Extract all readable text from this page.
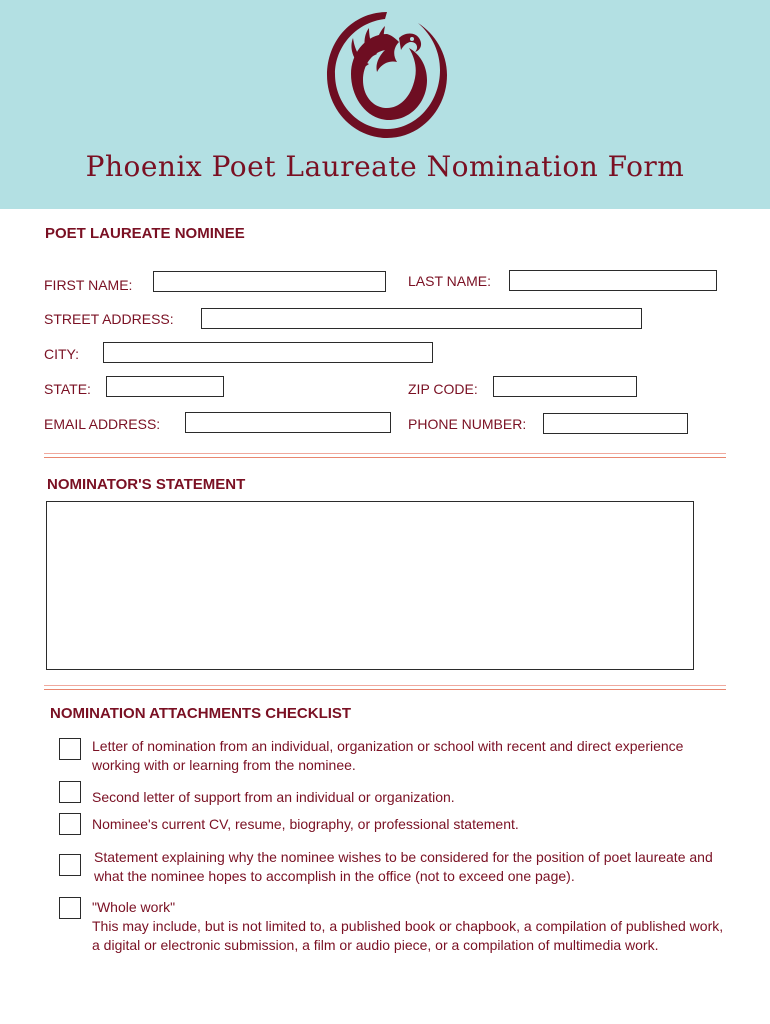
Phoenix Poet Laureate Nomination Form
POET LAUREATE NOMINEE
FIRST NAME:	LAST NAME:
STREET ADDRESS:
CITY:
STATE:	ZIP CODE:
EMAIL ADDRESS:	PHONE NUMBER:
NOMINATOR'S STATEMENT
NOMINATION ATTACHMENTS CHECKLIST
Letter of nomination from an individual, organization or school with recent and direct experience working with or learning from the nominee.
Second letter of support from an individual or organization.
Nominee's current CV, resume, biography, or professional statement.
Statement explaining why the nominee wishes to be considered for the position of poet laureate and what the nominee hopes to accomplish in the office (not to exceed one page).
"Whole work"
This may include, but is not limited to, a published book or chapbook, a compilation of published work, a digital or electronic submission, a film or audio piece, or a compilation of multimedia work.
